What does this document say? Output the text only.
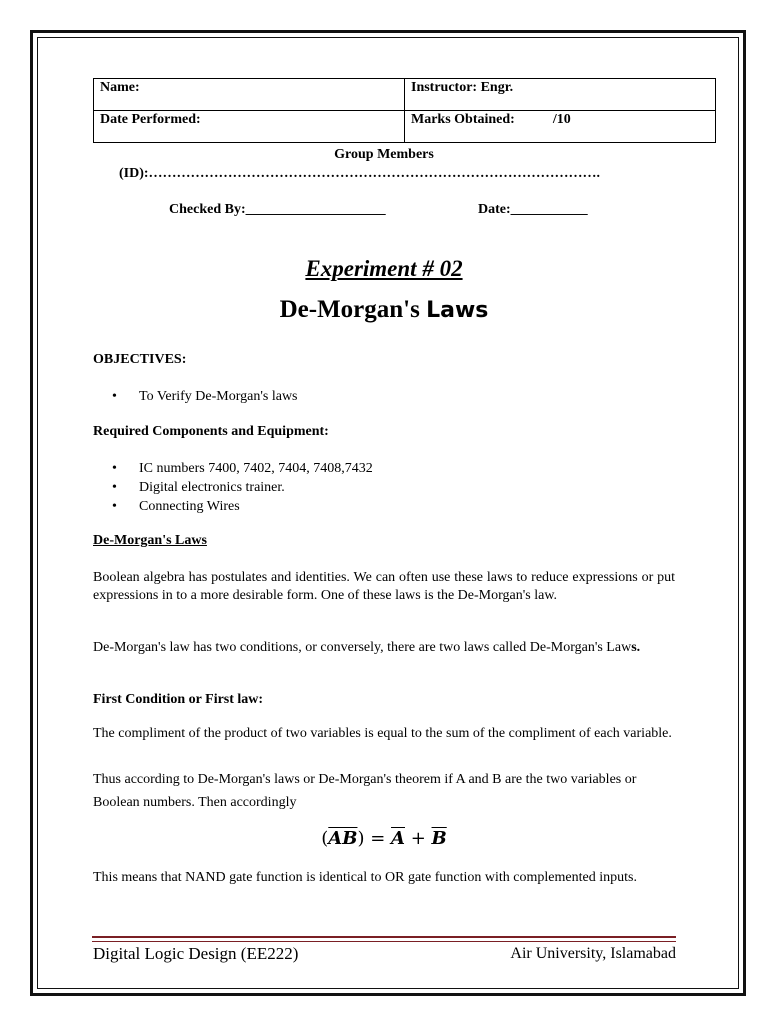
Name:	Instructor: Engr.
Date Performed:	Marks Obtained: /10
Group Members
(ID):…………………………………………………………………………………….
Checked By:____________________	Date:___________
Experiment # 02
De-Morgan's Laws
OBJECTIVES:
•	To Verify De-Morgan's laws
Required Components and Equipment:
•	IC numbers 7400, 7402, 7404, 7408,7432
•	Digital electronics trainer.
•	Connecting Wires
De-Morgan's Laws
Boolean algebra has postulates and identities. We can often use these laws to reduce expressions or put expressions in to a more desirable form. One of these laws is the De-Morgan's law.
De-Morgan's law has two conditions, or conversely, there are two laws called De-Morgan's Laws.
First Condition or First law:
The compliment of the product of two variables is equal to the sum of the compliment of each variable.
Thus according to De-Morgan's laws or De-Morgan's theorem if A and B are the two variables or Boolean numbers. Then accordingly
$(\overline{AB}) = \overline{A} + \overline{B}$
This means that NAND gate function is identical to OR gate function with complemented inputs.
Digital Logic Design (EE222)	Air University, Islamabad
